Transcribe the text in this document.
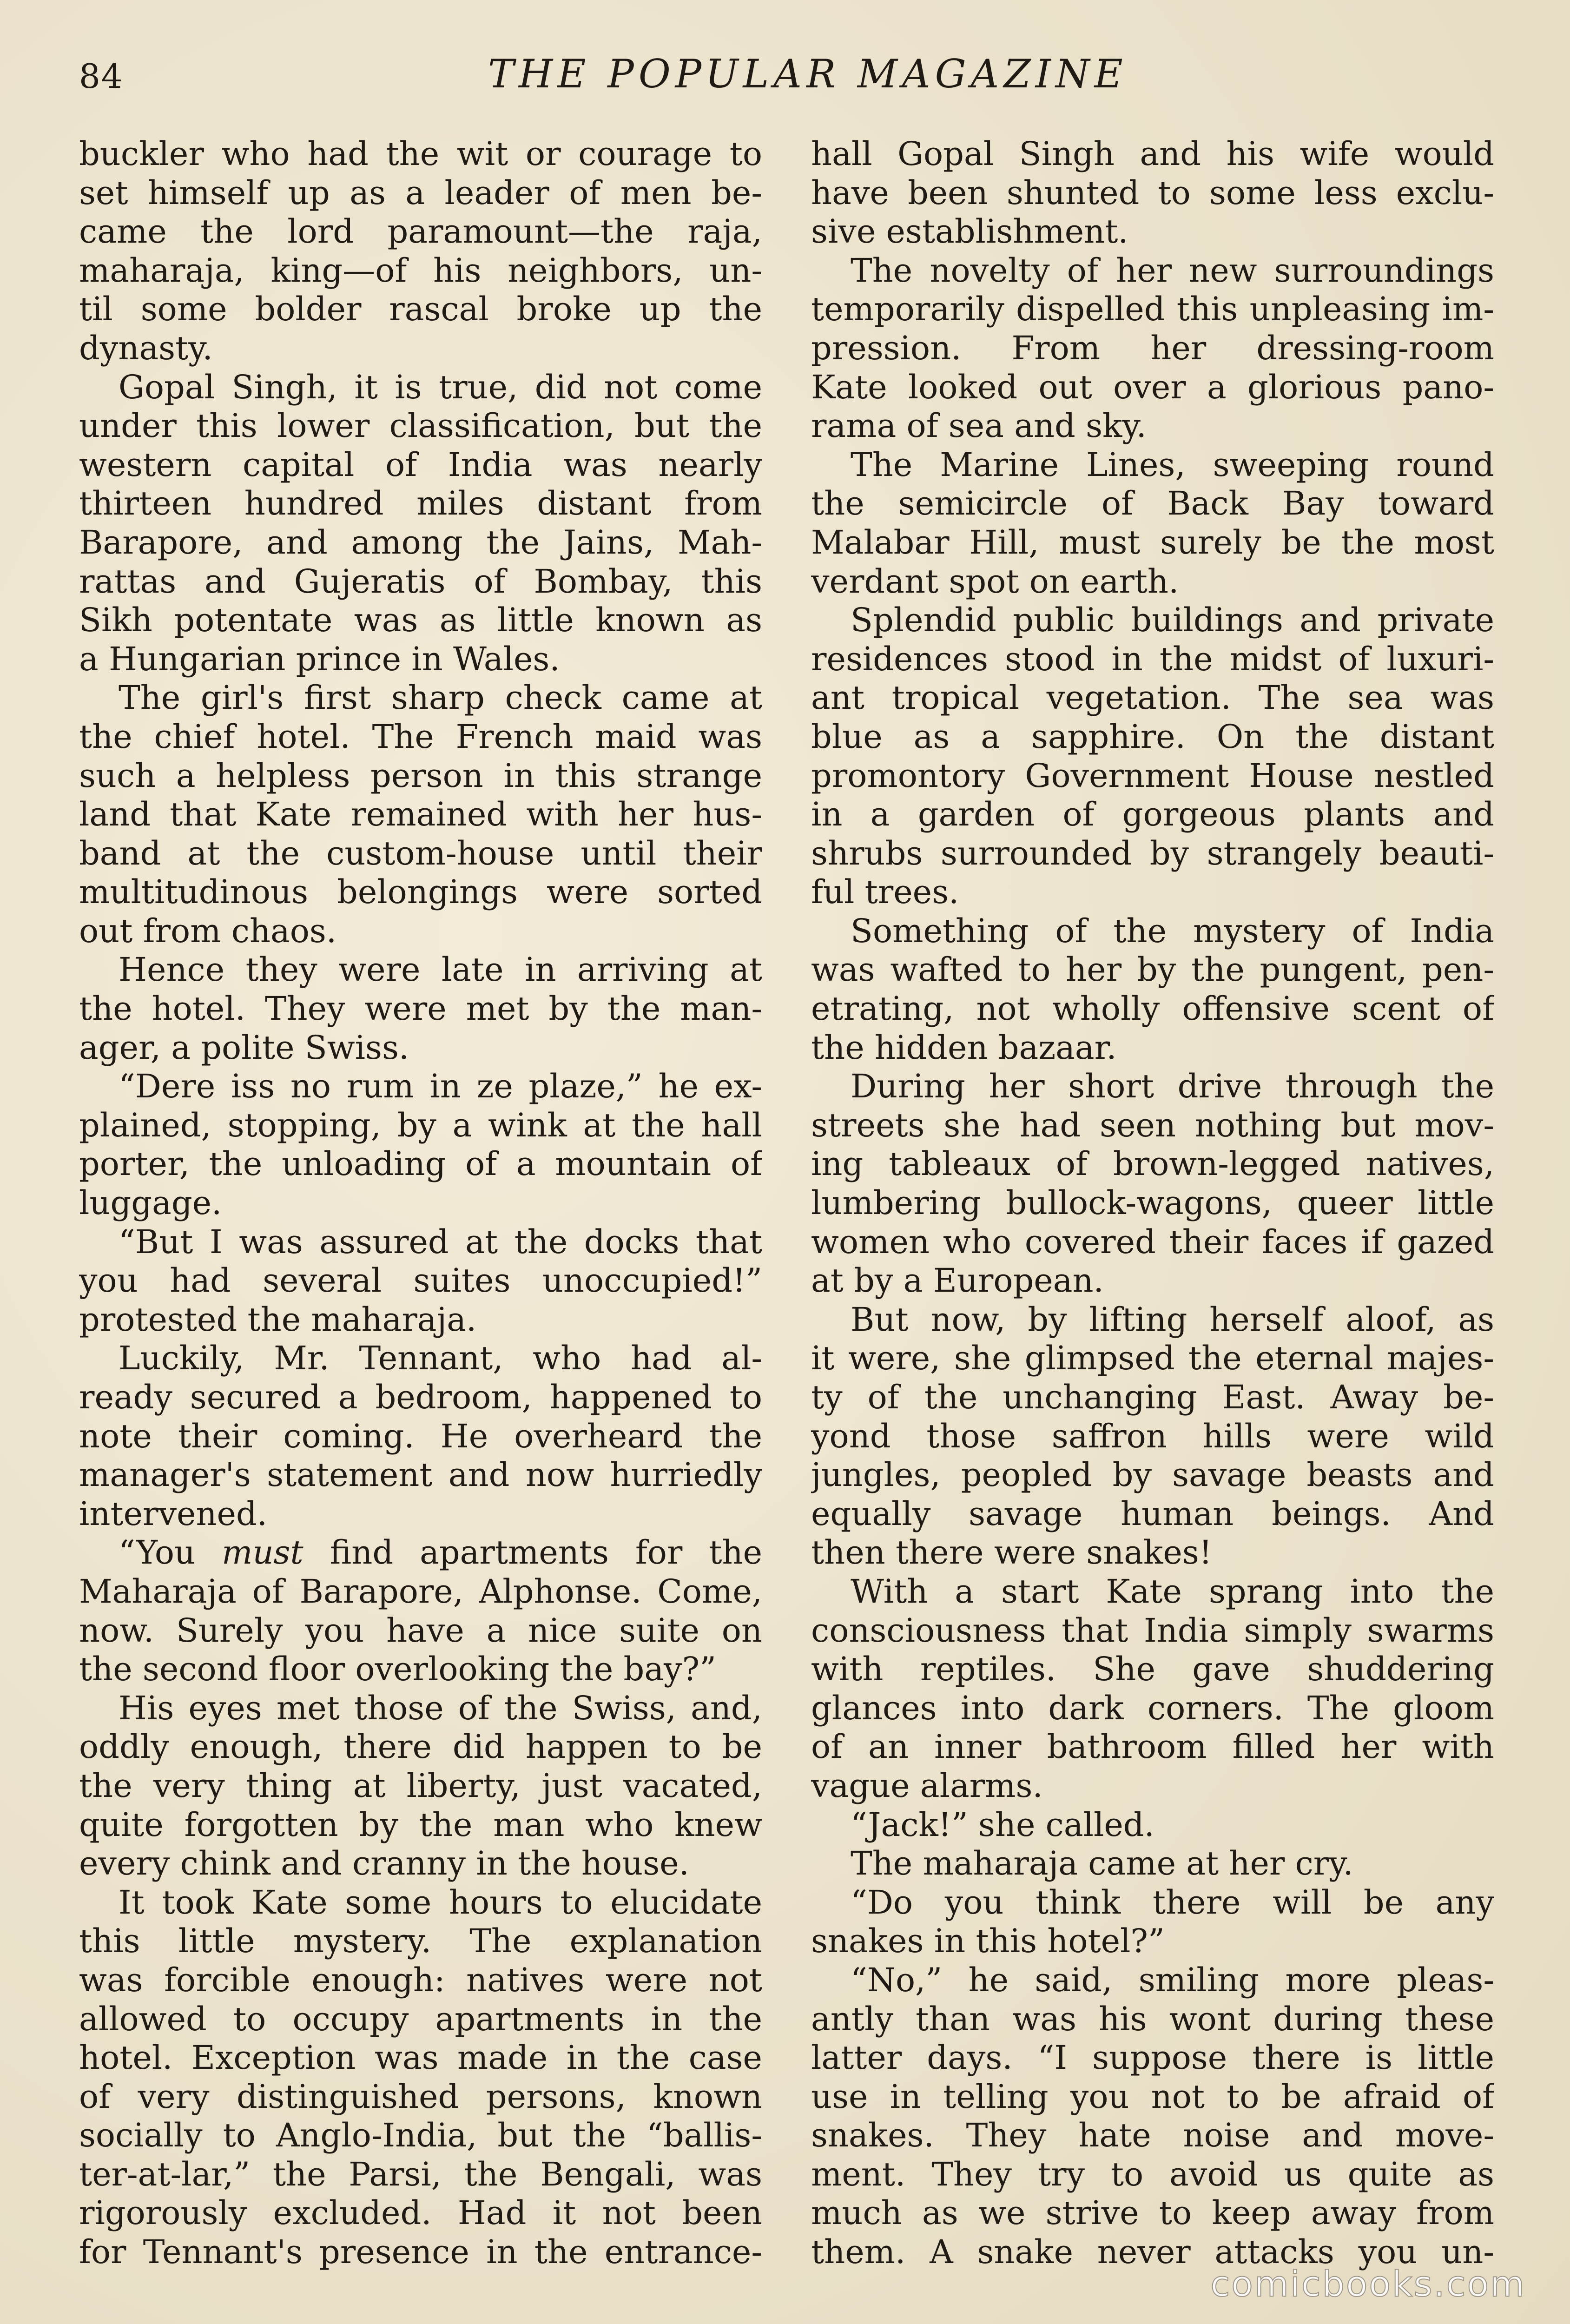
84	THE POPULAR MAGAZINE
buckler who had the wit or courage to
set himself up as a leader of men be-
came the lord paramount—the raja,
maharaja, king—of his neighbors, un-
til some bolder rascal broke up the
dynasty.
Gopal Singh, it is true, did not come
under this lower classification, but the
western capital of India was nearly
thirteen hundred miles distant from
Barapore, and among the Jains, Mah-
rattas and Gujeratis of Bombay, this
Sikh potentate was as little known as
a Hungarian prince in Wales.
The girl's first sharp check came at
the chief hotel. The French maid was
such a helpless person in this strange
land that Kate remained with her hus-
band at the custom-house until their
multitudinous belongings were sorted
out from chaos.
Hence they were late in arriving at
the hotel. They were met by the man-
ager, a polite Swiss.
“Dere iss no rum in ze plaze,” he ex-
plained, stopping, by a wink at the hall
porter, the unloading of a mountain of
luggage.
“But I was assured at the docks that
you had several suites unoccupied!”
protested the maharaja.
Luckily, Mr. Tennant, who had al-
ready secured a bedroom, happened to
note their coming. He overheard the
manager's statement and now hurriedly
intervened.
“You must find apartments for the
Maharaja of Barapore, Alphonse. Come,
now. Surely you have a nice suite on
the second floor overlooking the bay?”
His eyes met those of the Swiss, and,
oddly enough, there did happen to be
the very thing at liberty, just vacated,
quite forgotten by the man who knew
every chink and cranny in the house.
It took Kate some hours to elucidate
this little mystery. The explanation
was forcible enough: natives were not
allowed to occupy apartments in the
hotel. Exception was made in the case
of very distinguished persons, known
socially to Anglo-India, but the “ballis-
ter-at-lar,” the Parsi, the Bengali, was
rigorously excluded. Had it not been
for Tennant's presence in the entrance-
hall Gopal Singh and his wife would
have been shunted to some less exclu-
sive establishment.
The novelty of her new surroundings
temporarily dispelled this unpleasing im-
pression. From her dressing-room
Kate looked out over a glorious pano-
rama of sea and sky.
The Marine Lines, sweeping round
the semicircle of Back Bay toward
Malabar Hill, must surely be the most
verdant spot on earth.
Splendid public buildings and private
residences stood in the midst of luxuri-
ant tropical vegetation. The sea was
blue as a sapphire. On the distant
promontory Government House nestled
in a garden of gorgeous plants and
shrubs surrounded by strangely beauti-
ful trees.
Something of the mystery of India
was wafted to her by the pungent, pen-
etrating, not wholly offensive scent of
the hidden bazaar.
During her short drive through the
streets she had seen nothing but mov-
ing tableaux of brown-legged natives,
lumbering bullock-wagons, queer little
women who covered their faces if gazed
at by a European.
But now, by lifting herself aloof, as
it were, she glimpsed the eternal majes-
ty of the unchanging East. Away be-
yond those saffron hills were wild
jungles, peopled by savage beasts and
equally savage human beings. And
then there were snakes!
With a start Kate sprang into the
consciousness that India simply swarms
with reptiles. She gave shuddering
glances into dark corners. The gloom
of an inner bathroom filled her with
vague alarms.
“Jack!” she called.
The maharaja came at her cry.
“Do you think there will be any
snakes in this hotel?”
“No,” he said, smiling more pleas-
antly than was his wont during these
latter days. “I suppose there is little
use in telling you not to be afraid of
snakes. They hate noise and move-
ment. They try to avoid us quite as
much as we strive to keep away from
them. A snake never attacks you un-
comicbooks.com
